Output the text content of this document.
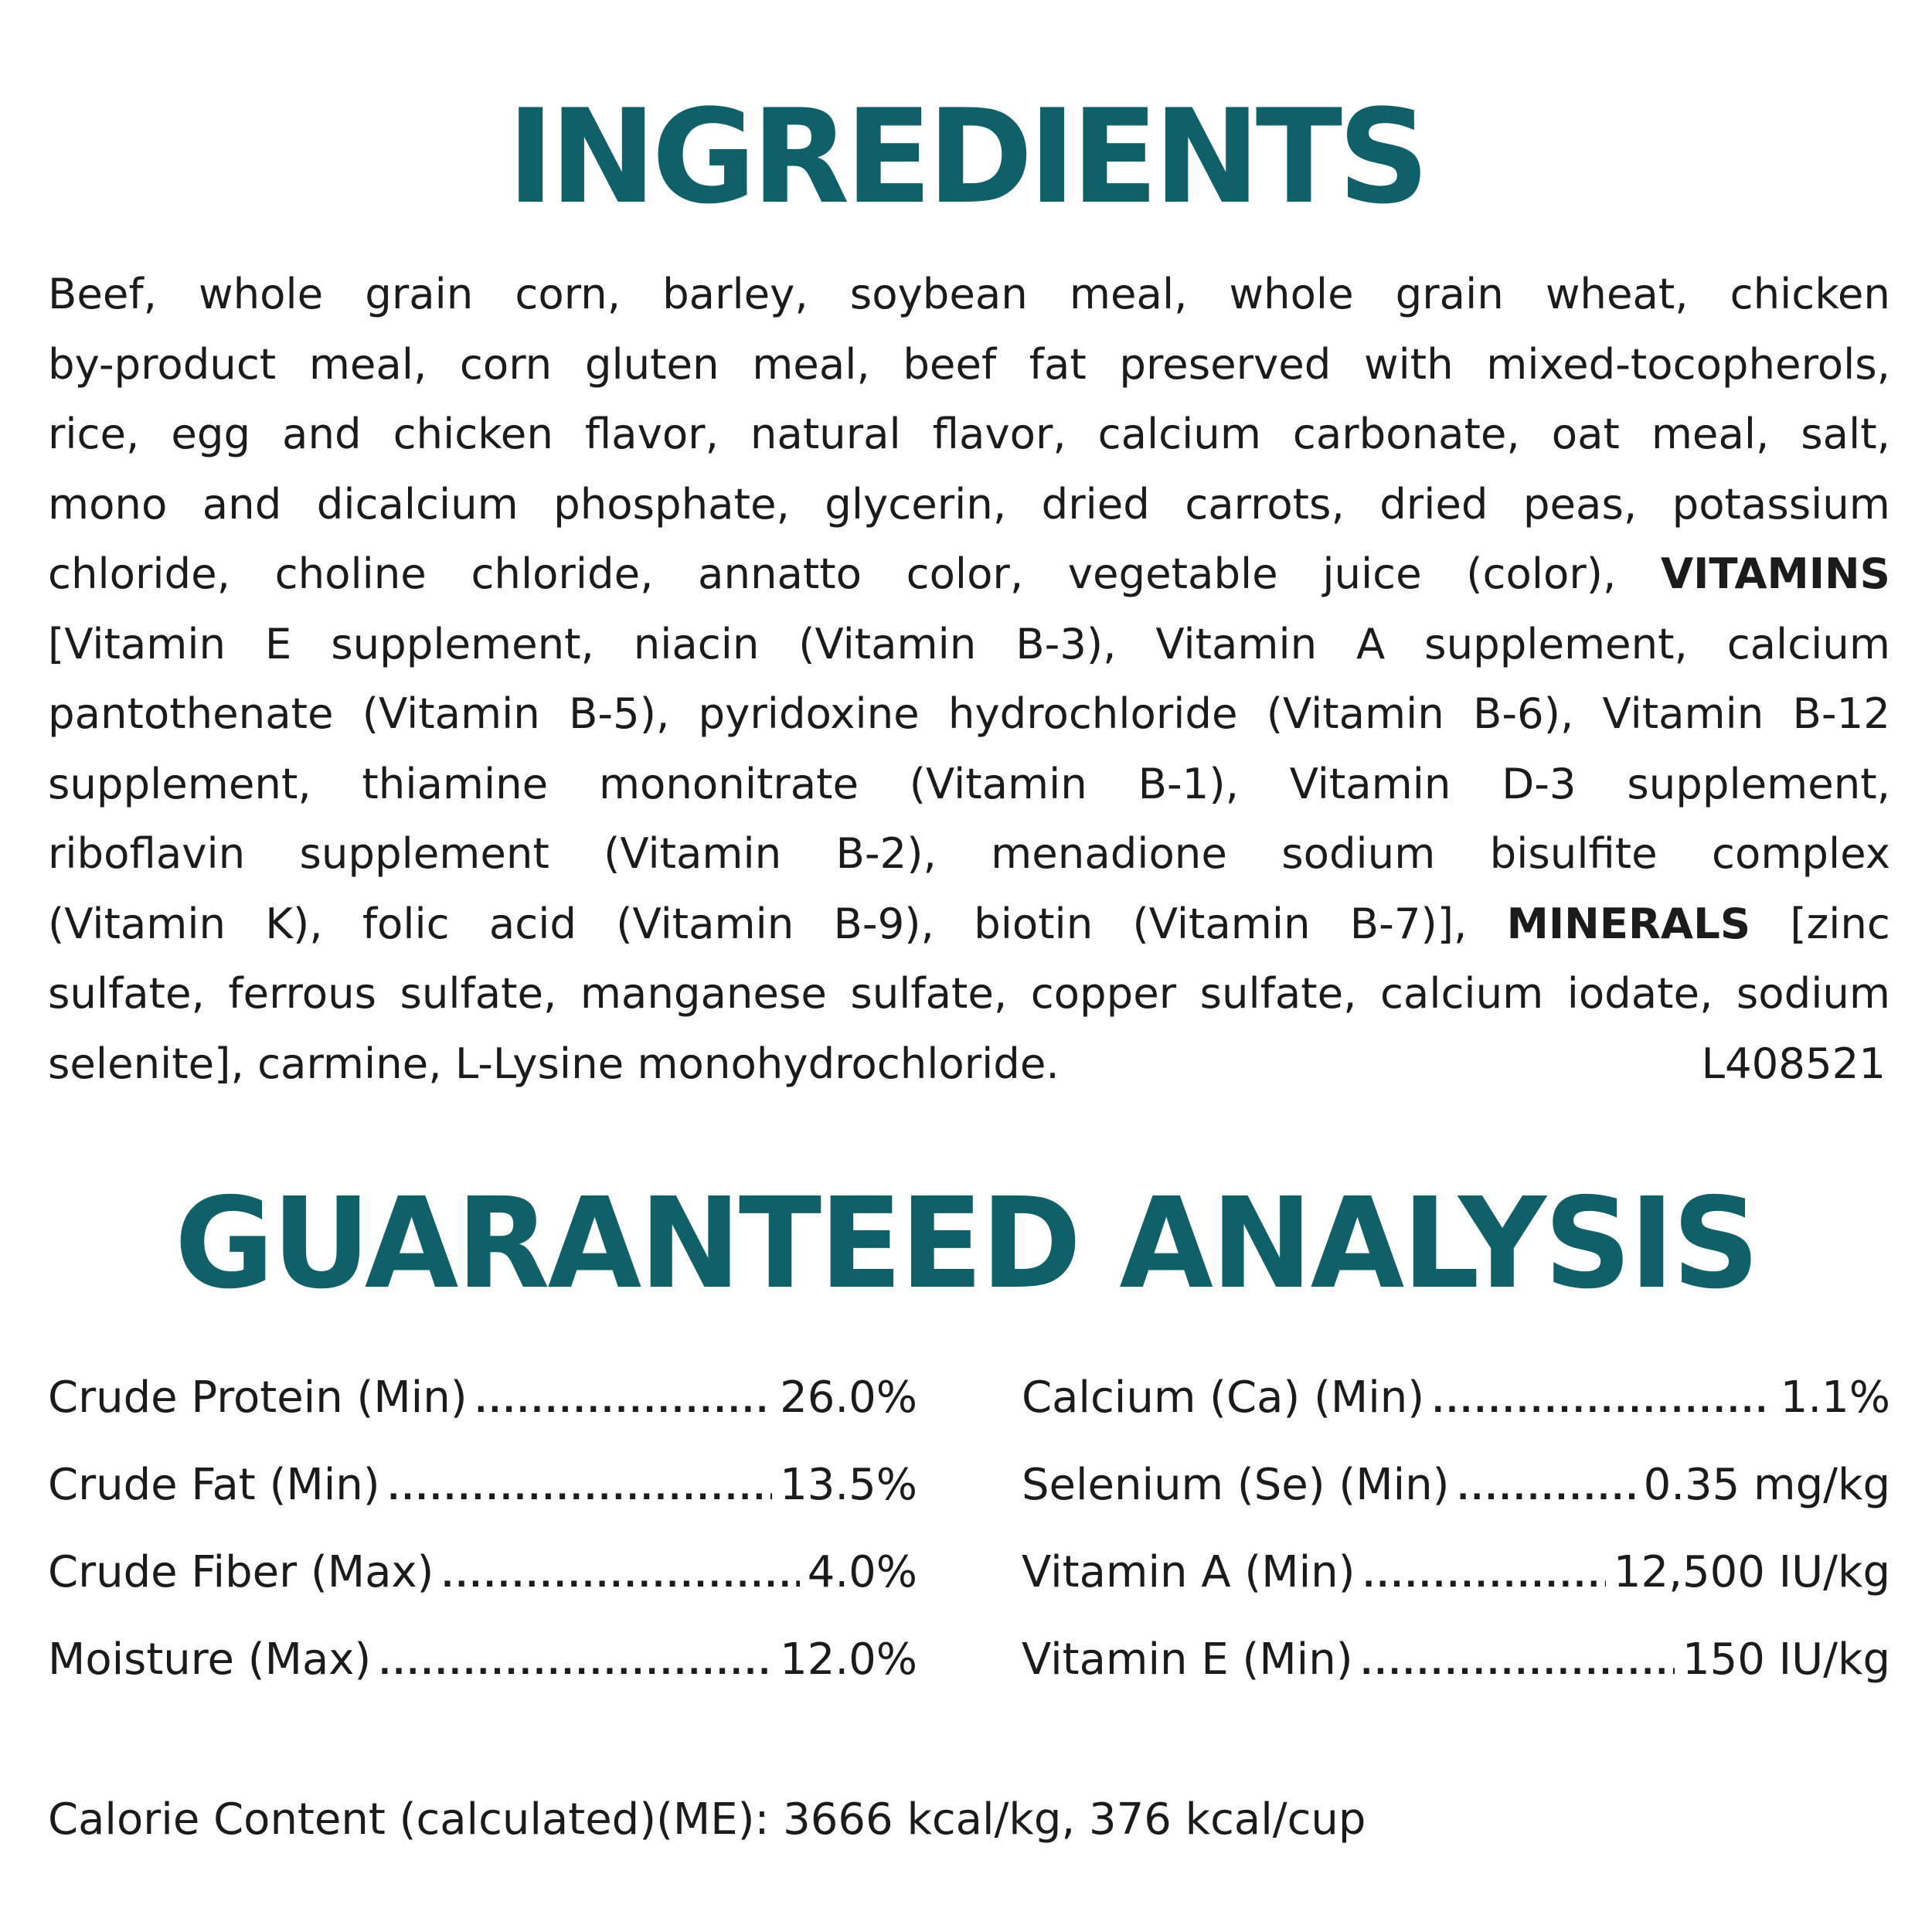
INGREDIENTS
Beef, whole grain corn, barley, soybean meal, whole grain wheat, chicken
by-product meal, corn gluten meal, beef fat preserved with mixed-tocopherols,
rice, egg and chicken flavor, natural flavor, calcium carbonate, oat meal, salt,
mono and dicalcium phosphate, glycerin, dried carrots, dried peas, potassium
chloride, choline chloride, annatto color, vegetable juice (color), VITAMINS
[Vitamin E supplement, niacin (Vitamin B-3), Vitamin A supplement, calcium
pantothenate (Vitamin B-5), pyridoxine hydrochloride (Vitamin B-6), Vitamin B-12
supplement, thiamine mononitrate (Vitamin B-1), Vitamin D-3 supplement,
riboflavin supplement (Vitamin B-2), menadione sodium bisulfite complex
(Vitamin K), folic acid (Vitamin B-9), biotin (Vitamin B-7)], MINERALS [zinc
sulfate, ferrous sulfate, manganese sulfate, copper sulfate, calcium iodate, sodium
selenite], carmine, L-Lysine monohydrochloride.	L408521
GUARANTEED ANALYSIS
Crude Protein (Min) .....	26.0%
Crude Fat (Min) .....	13.5%
Crude Fiber (Max) .....	4.0%
Moisture (Max) .....	12.0%
Calcium (Ca) (Min) .....	1.1%
Selenium (Se) (Min) .....	0.35 mg/kg
Vitamin A (Min) .....	12,500 IU/kg
Vitamin E (Min) .....	150 IU/kg
Calorie Content (calculated)(ME): 3666 kcal/kg, 376 kcal/cup
